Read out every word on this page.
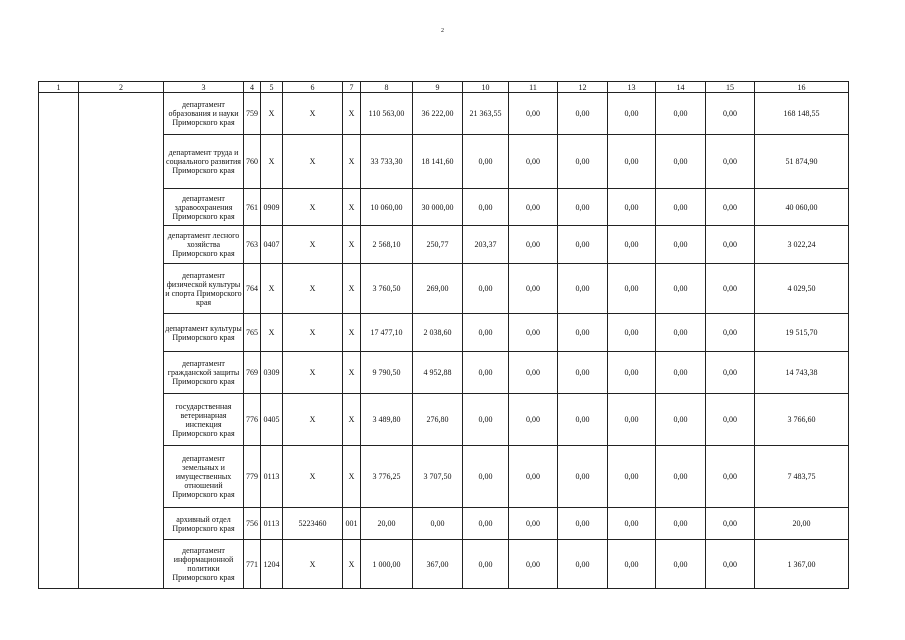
2
1	2	3	4	5	6	7	8	9	10	11	12	13	14	15	16
		департамент образования и науки Приморского края	759	X	X	X	110 563,00	36 222,00	21 363,55	0,00	0,00	0,00	0,00	0,00	168 148,55
		департамент труда и социального развития Приморского края	760	X	X	X	33 733,30	18 141,60	0,00	0,00	0,00	0,00	0,00	0,00	51 874,90
		департамент здравоохранения Приморского края	761	0909	X	X	10 060,00	30 000,00	0,00	0,00	0,00	0,00	0,00	0,00	40 060,00
		департамент лесного хозяйства Приморского края	763	0407	X	X	2 568,10	250,77	203,37	0,00	0,00	0,00	0,00	0,00	3 022,24
		департамент физической культуры и спорта Приморского края	764	X	X	X	3 760,50	269,00	0,00	0,00	0,00	0,00	0,00	0,00	4 029,50
		департамент культуры Приморского края	765	X	X	X	17 477,10	2 038,60	0,00	0,00	0,00	0,00	0,00	0,00	19 515,70
		департамент гражданской защиты Приморского края	769	0309	X	X	9 790,50	4 952,88	0,00	0,00	0,00	0,00	0,00	0,00	14 743,38
		государственная ветеринарная инспекция Приморского края	776	0405	X	X	3 489,80	276,80	0,00	0,00	0,00	0,00	0,00	0,00	3 766,60
		департамент земельных и имущественных отношений Приморского края	779	0113	X	X	3 776,25	3 707,50	0,00	0,00	0,00	0,00	0,00	0,00	7 483,75
		архивный отдел Приморского края	756	0113	5223460	001	20,00	0,00	0,00	0,00	0,00	0,00	0,00	0,00	20,00
		департамент информационной политики Приморского края	771	1204	X	X	1 000,00	367,00	0,00	0,00	0,00	0,00	0,00	0,00	1 367,00
